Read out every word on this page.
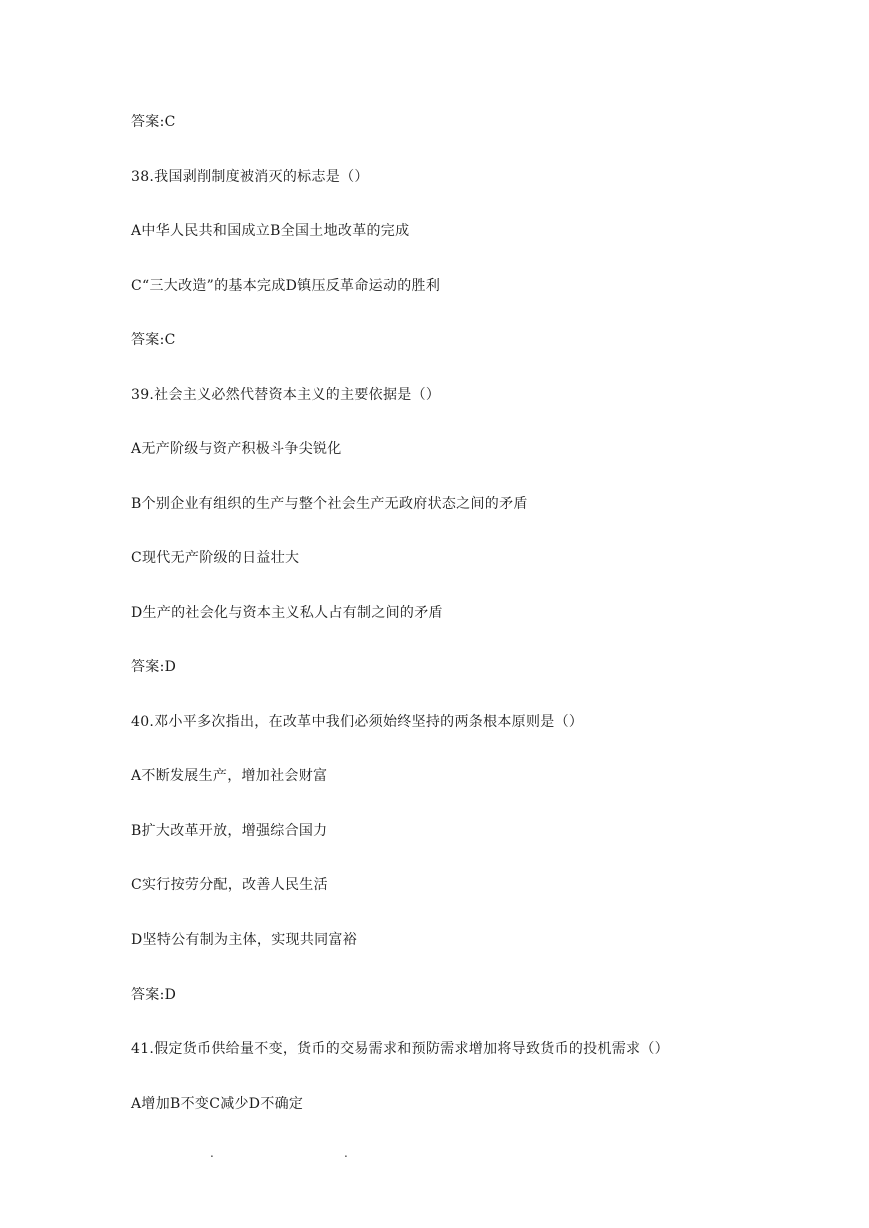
答案:C
38.我国剥削制度被消灭的标志是（）
A中华人民共和国成立B全国土地改革的完成
C“三大改造”的基本完成D镇压反革命运动的胜利
答案:C
39.社会主义必然代替资本主义的主要依据是（）
A无产阶级与资产积极斗争尖锐化
B个别企业有组织的生产与整个社会生产无政府状态之间的矛盾
C现代无产阶级的日益壮大
D生产的社会化与资本主义私人占有制之间的矛盾
答案:D
40.邓小平多次指出，在改革中我们必须始终坚持的两条根本原则是（）
A不断发展生产，增加社会财富
B扩大改革开放，增强综合国力
C实行按劳分配，改善人民生活
D坚特公有制为主体，实现共同富裕
答案:D
41.假定货币供给量不变，货币的交易需求和预防需求增加将导致货币的投机需求（）
A增加B不变C减少D不确定
.	.
